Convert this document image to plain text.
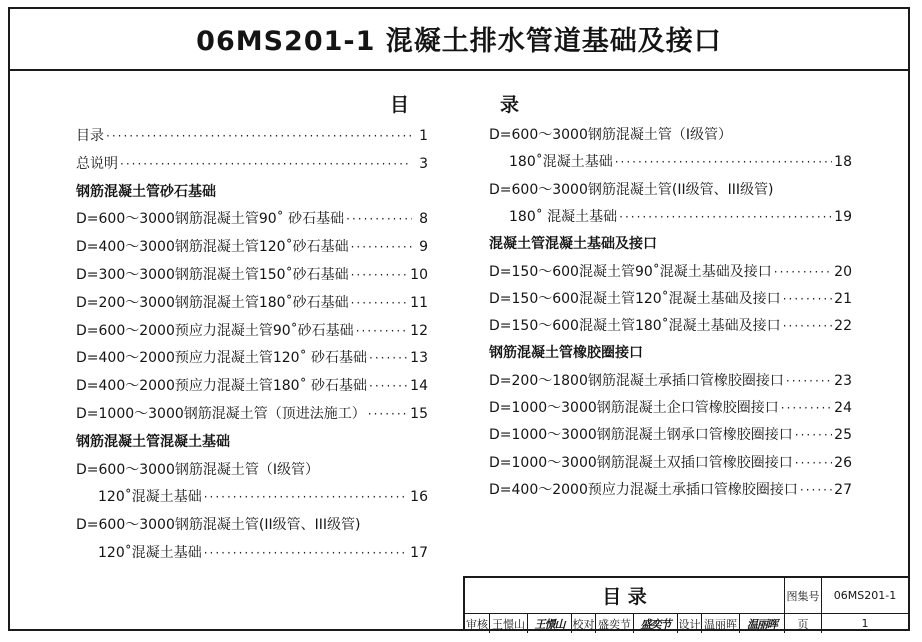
06MS201-1 混凝土排水管道基础及接口
目	录
目录 ·····	1
总说明 ·····	3
钢筋混凝土管砂石基础
D=600～3000钢筋混凝土管90˚ 砂石基础 ·····	8
D=400～3000钢筋混凝土管120˚砂石基础 ·····	9
D=300～3000钢筋混凝土管150˚砂石基础 ·····	10
D=200～3000钢筋混凝土管180˚砂石基础 ·····	11
D=600～2000预应力混凝土管90˚砂石基础 ·····	12
D=400～2000预应力混凝土管120˚ 砂石基础 ·····	13
D=400～2000预应力混凝土管180˚ 砂石基础 ·····	14
D=1000～3000钢筋混凝土管（顶进法施工） ·····	15
钢筋混凝土管混凝土基础
D=600～3000钢筋混凝土管（I级管）
120˚混凝土基础 ·····	16
D=600～3000钢筋混凝土管(II级管、III级管)
120˚混凝土基础 ·····	17
D=600～3000钢筋混凝土管（I级管）
180˚混凝土基础 ·····	18
D=600～3000钢筋混凝土管(II级管、III级管)
180˚ 混凝土基础 ·····	19
混凝土管混凝土基础及接口
D=150～600混凝土管90˚混凝土基础及接口 ·····	20
D=150～600混凝土管120˚混凝土基础及接口 ·····	21
D=150～600混凝土管180˚混凝土基础及接口 ·····	22
钢筋混凝土管橡胶圈接口
D=200～1800钢筋混凝土承插口管橡胶圈接口 ·····	23
D=1000～3000钢筋混凝土企口管橡胶圈接口 ·····	24
D=1000～3000钢筋混凝土钢承口管橡胶圈接口 ·····	25
D=1000～3000钢筋混凝土双插口管橡胶圈接口 ·····	26
D=400～2000预应力混凝土承插口管橡胶圈接口 ·····	27
目 录	图集号	06MS201-1
审核 王憬山 王憬山 校对 盛奕节 盛奕节 设计 温丽晖 温丽晖	页	1
